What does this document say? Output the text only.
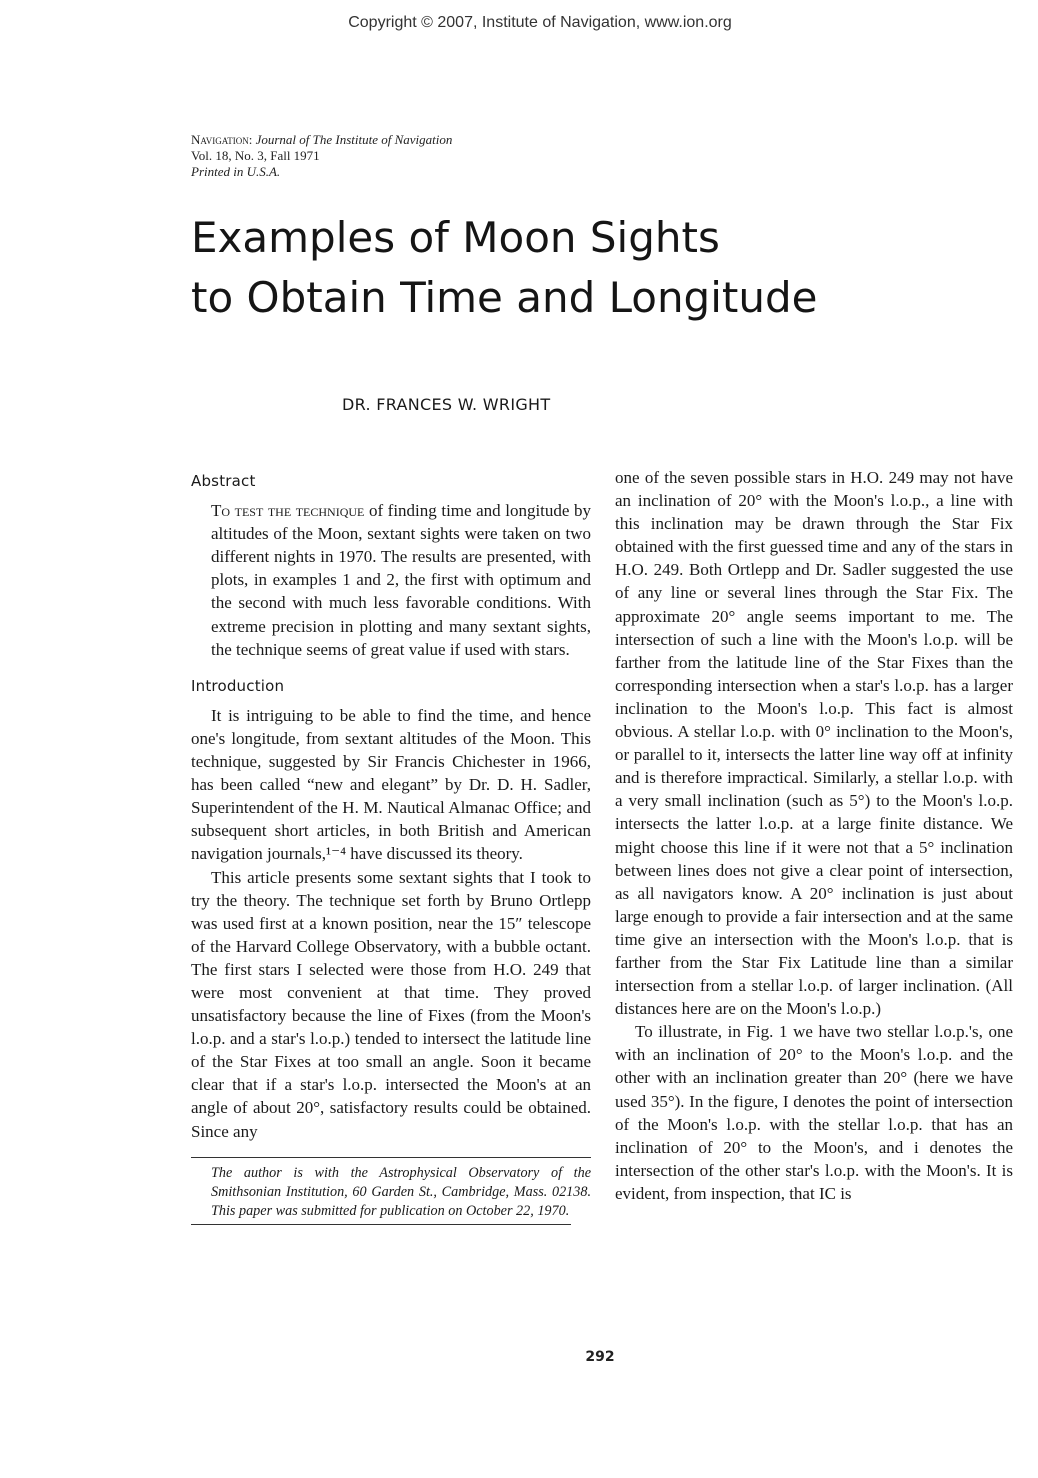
Copyright © 2007, Institute of Navigation, www.ion.org
Navigation: Journal of The Institute of Navigation
Vol. 18, No. 3, Fall 1971
Printed in U.S.A.
Examples of Moon Sights
to Obtain Time and Longitude
DR. FRANCES W. WRIGHT
Abstract

To test the technique of finding time and longitude by altitudes of the Moon, sextant sights were taken on two different nights in 1970. The results are presented, with plots, in examples 1 and 2, the first with optimum and the second with much less favorable conditions. With extreme precision in plotting and many sextant sights, the technique seems of great value if used with stars.

Introduction

It is intriguing to be able to find the time, and hence one's longitude, from sextant altitudes of the Moon. This technique, suggested by Sir Francis Chichester in 1966, has been called “new and elegant” by Dr. D. H. Sadler, Superintendent of the H. M. Nautical Almanac Office; and subsequent short articles, in both British and American navigation journals,¹⁻⁴ have discussed its theory.

This article presents some sextant sights that I took to try the theory. The technique set forth by Bruno Ortlepp was used first at a known position, near the 15″ telescope of the Harvard College Observatory, with a bubble octant. The first stars I selected were those from H.O. 249 that were most convenient at that time. They proved unsatisfactory because the line of Fixes (from the Moon's l.o.p. and a star's l.o.p.) tended to intersect the latitude line of the Star Fixes at too small an angle. Soon it became clear that if a star's l.o.p. intersected the Moon's at an angle of about 20°, satisfactory results could be obtained. Since any

The author is with the Astrophysical Observatory of the Smithsonian Institution, 60 Garden St., Cambridge, Mass. 02138. This paper was submitted for publication on October 22, 1970.

one of the seven possible stars in H.O. 249 may not have an inclination of 20° with the Moon's l.o.p., a line with this inclination may be drawn through the Star Fix obtained with the first guessed time and any of the stars in H.O. 249. Both Ortlepp and Dr. Sadler suggested the use of any line or several lines through the Star Fix. The approximate 20° angle seems important to me. The intersection of such a line with the Moon's l.o.p. will be farther from the latitude line of the Star Fixes than the corresponding intersection when a star's l.o.p. has a larger inclination to the Moon's l.o.p. This fact is almost obvious. A stellar l.o.p. with 0° inclination to the Moon's, or parallel to it, intersects the latter line way off at infinity and is therefore impractical. Similarly, a stellar l.o.p. with a very small inclination (such as 5°) to the Moon's l.o.p. intersects the latter l.o.p. at a large finite distance. We might choose this line if it were not that a 5° inclination between lines does not give a clear point of intersection, as all navigators know. A 20° inclination is just about large enough to provide a fair intersection and at the same time give an intersection with the Moon's l.o.p. that is farther from the Star Fix Latitude line than a similar intersection from a stellar l.o.p. of larger inclination. (All distances here are on the Moon's l.o.p.)

To illustrate, in Fig. 1 we have two stellar l.o.p.'s, one with an inclination of 20° to the Moon's l.o.p. and the other with an inclination greater than 20° (here we have used 35°). In the figure, I denotes the point of intersection of the Moon's l.o.p. with the stellar l.o.p. that has an inclination of 20° to the Moon's, and i denotes the intersection of the other star's l.o.p. with the Moon's. It is evident, from inspection, that IC is

292
